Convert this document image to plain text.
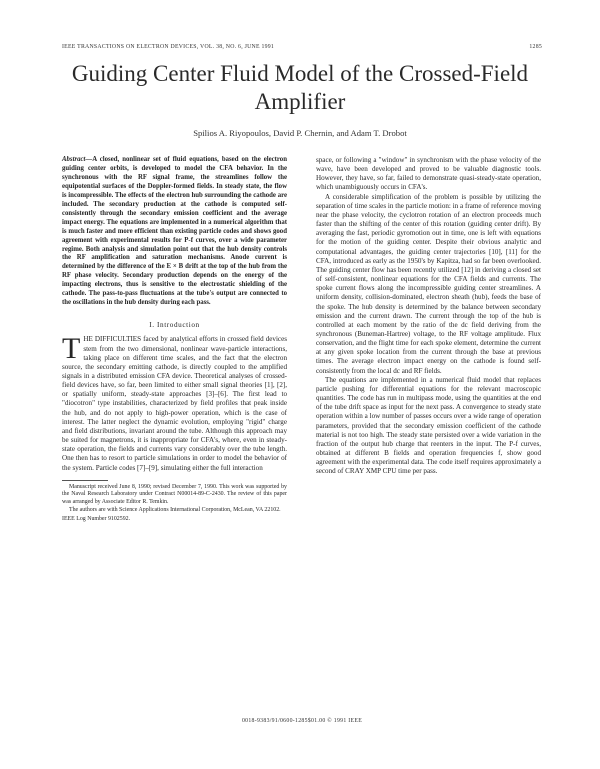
IEEE TRANSACTIONS ON ELECTRON DEVICES, VOL. 38, NO. 6, JUNE 1991	1285
Guiding Center Fluid Model of the Crossed-Field Amplifier
Spilios A. Riyopoulos, David P. Chernin, and Adam T. Drobot

Abstract—A closed, nonlinear set of fluid equations, based on the electron guiding center orbits, is developed to model the CFA behavior. In the synchronous with the RF signal frame, the streamlines follow the equipotential surfaces of the Doppler-formed fields. In steady state, the flow is incompressible. The effects of the electron hub surrounding the cathode are included. The secondary production at the cathode is computed self-consistently through the secondary emission coefficient and the average impact energy. The equations are implemented in a numerical algorithm that is much faster and more efficient than existing particle codes and shows good agreement with experimental results for P-f curves, over a wide parameter regime. Both analysis and simulation point out that the hub density controls the RF amplification and saturation mechanisms. Anode current is determined by the difference of the E × B drift at the top of the hub from the RF phase velocity. Secondary production depends on the energy of the impacting electrons, thus is sensitive to the electrostatic shielding of the cathode. The pass-to-pass fluctuations at the tube's output are connected to the oscillations in the hub density during each pass.

I. Introduction

THE DIFFICULTIES faced by analytical efforts in crossed field devices stem from the two dimensional, nonlinear wave-particle interactions, taking place on different time scales, and the fact that the electron source, the secondary emitting cathode, is directly coupled to the amplified signals in a distributed emission CFA device. Theoretical analyses of crossed-field devices have, so far, been limited to either small signal theories [1], [2], or spatially uniform, steady-state approaches [3]–[6]. The first lead to "diocotron" type instabilities, characterized by field profiles that peak inside the hub, and do not apply to high-power operation, which is the case of interest. The latter neglect the dynamic evolution, employing "rigid" charge and field distributions, invariant around the tube. Although this approach may be suited for magnetrons, it is inappropriate for CFA's, where, even in steady-state operation, the fields and currents vary considerably over the tube length. One then has to resort to particle simulations in order to model the behavior of the system. Particle codes [7]–[9], simulating either the full interaction

Manuscript received June 8, 1990; revised December 7, 1990. This work was supported by the Naval Research Laboratory under Contract N00014-89-C-2430. The review of this paper was arranged by Associate Editor R. Temkin.

The authors are with Science Applications International Corporation, McLean, VA 22102.

IEEE Log Number 9102592.

space, or following a "window" in synchronism with the phase velocity of the wave, have been developed and proved to be valuable diagnostic tools. However, they have, so far, failed to demonstrate quasi-steady-state operation, which unambiguously occurs in CFA's.

A considerable simplification of the problem is possible by utilizing the separation of time scales in the particle motion: in a frame of reference moving near the phase velocity, the cyclotron rotation of an electron proceeds much faster than the shifting of the center of this rotation (guiding center drift). By averaging the fast, periodic gyromotion out in time, one is left with equations for the motion of the guiding center. Despite their obvious analytic and computational advantages, the guiding center trajectories [10], [11] for the CFA, introduced as early as the 1950's by Kapitza, had so far been overlooked. The guiding center flow has been recently utilized [12] in deriving a closed set of self-consistent, nonlinear equations for the CFA fields and currents. The spoke current flows along the incompressible guiding center streamlines. A uniform density, collision-dominated, electron sheath (hub), feeds the base of the spoke. The hub density is determined by the balance between secondary emission and the current drawn. The current through the top of the hub is controlled at each moment by the ratio of the dc field deriving from the synchronous (Buneman-Hartree) voltage, to the RF voltage amplitude. Flux conservation, and the flight time for each spoke element, determine the current at any given spoke location from the current through the base at previous times. The average electron impact energy on the cathode is found self-consistently from the local dc and RF fields.

The equations are implemented in a numerical fluid model that replaces particle pushing for differential equations for the relevant macroscopic quantities. The code has run in multipass mode, using the quantities at the end of the tube drift space as input for the next pass. A convergence to steady state operation within a low number of passes occurs over a wide range of operation parameters, provided that the secondary emission coefficient of the cathode material is not too high. The steady state persisted over a wide variation in the fraction of the output hub charge that reenters in the input. The P-f curves, obtained at different B fields and operation frequencies f, show good agreement with the experimental data. The code itself requires approximately a second of CRAY XMP CPU time per pass.

0018-9383/91/0600-1285$01.00 © 1991 IEEE
